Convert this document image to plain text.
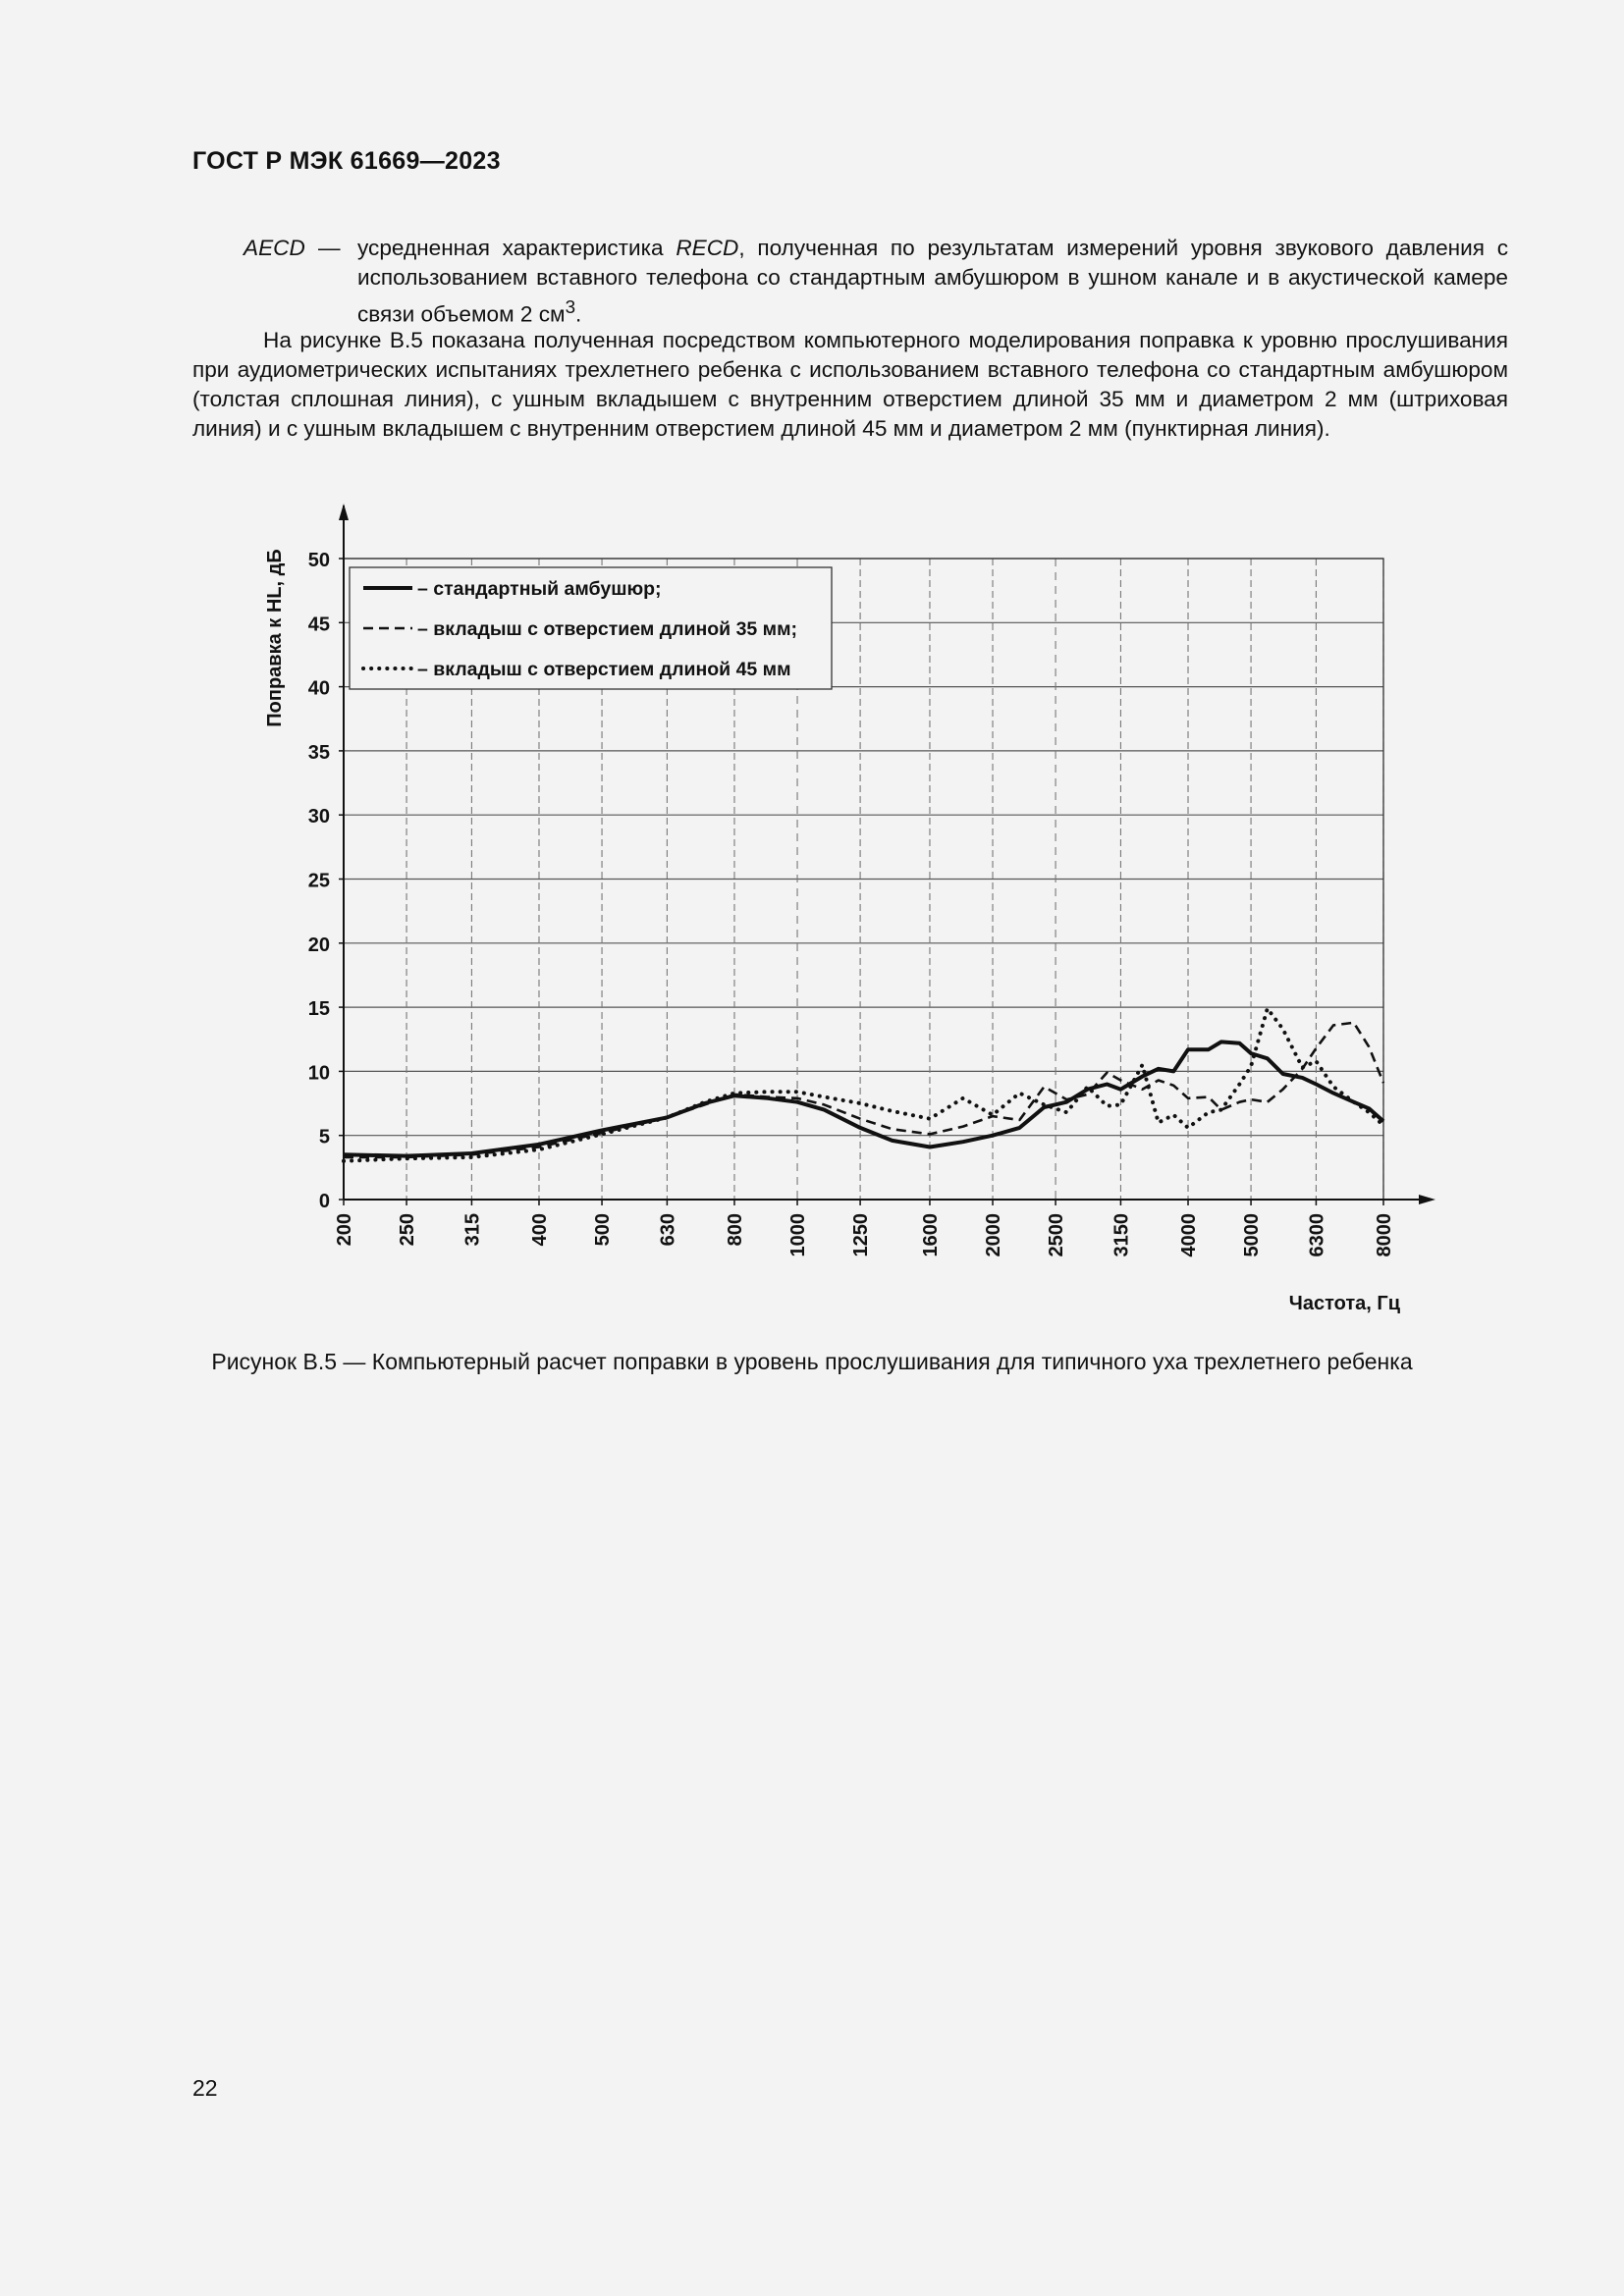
ГОСТ Р МЭК 61669—2023
AECD — усредненная характеристика RECD, полученная по результатам измерений уровня звукового давления с использованием вставного телефона со стандартным амбушюром в ушном канале и в акустической камере связи объемом 2 $см^3$.
На рисунке В.5 показана полученная посредством компьютерного моделирования поправка к уровню прослушивания при аудиометрических испытаниях трехлетнего ребенка с использованием вставного телефона со стандартным амбушюром (толстая сплошная линия), с ушным вкладышем с внутренним отверстием длиной 35 мм и диаметром 2 мм (штриховая линия) и с ушным вкладышем с внутренним отверстием длиной 45 мм и диаметром 2 мм (пунктирная линия).
0
5
10
15
20
25
30
35
40
45
50
200 250 315 400 500 630 800 1000 1250 1600 2000 2500 3150 4000 5000 6300 8000
Поправка к HL, дБ
Частота, Гц
– стандартный амбушюр;
– вкладыш с отверстием длиной 35 мм;
– вкладыш с отверстием длиной 45 мм
Рисунок В.5 — Компьютерный расчет поправки в уровень прослушивания для типичного уха трехлетнего ребенка
22
